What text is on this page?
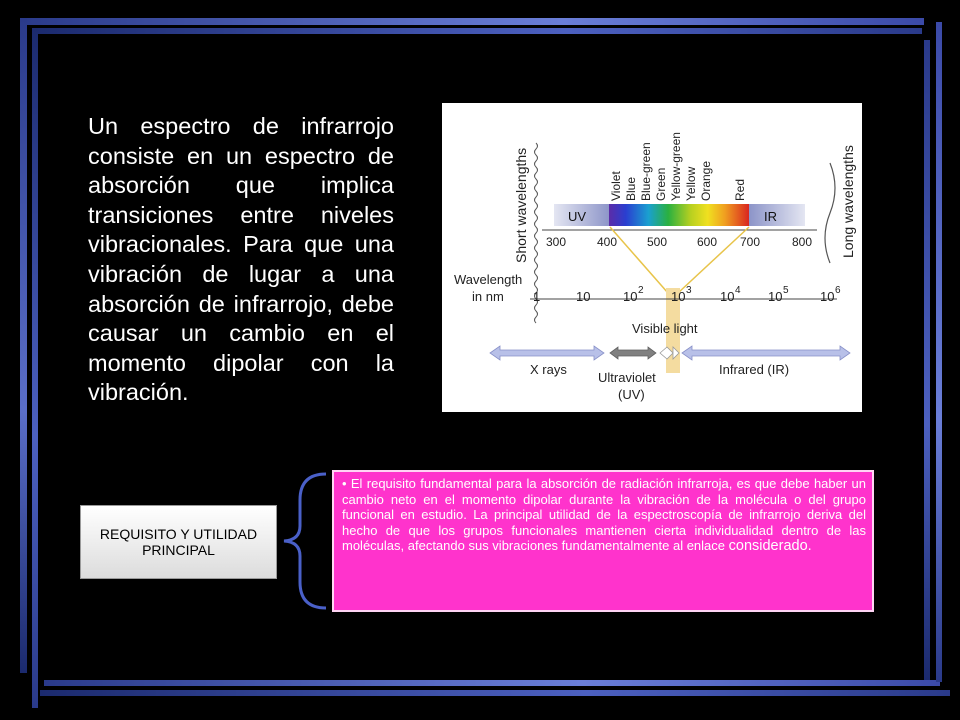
Un espectro de infrarrojo consiste en un espectro de absorción que implica transiciones entre niveles vibracionales. Para que una vibración de lugar a una absorción de infrarrojo, debe causar un cambio en el momento dipolar con la vibración.
Short wavelengths	Long wavelengths
Violet Blue Blue-green Green Yellow-green Yellow Orange Red
UV	IR
300	400 500 600 700	800
Wavelength
in nm 1	10	10 2 10 3 10 4 10 5 10 6
Visible light
X rays
Ultraviolet
(UV)
Infrared (IR)
REQUISITO Y UTILIDAD PRINCIPAL
• El requisito fundamental para la absorción de radiación infrarroja, es que debe haber un cambio neto en el momento dipolar durante la vibración de la molécula o del grupo funcional en estudio. La principal utilidad de la espectroscopía de infrarrojo deriva del hecho de que los grupos funcionales mantienen cierta individualidad dentro de las moléculas, afectando sus vibraciones fundamentalmente al enlace considerado.
